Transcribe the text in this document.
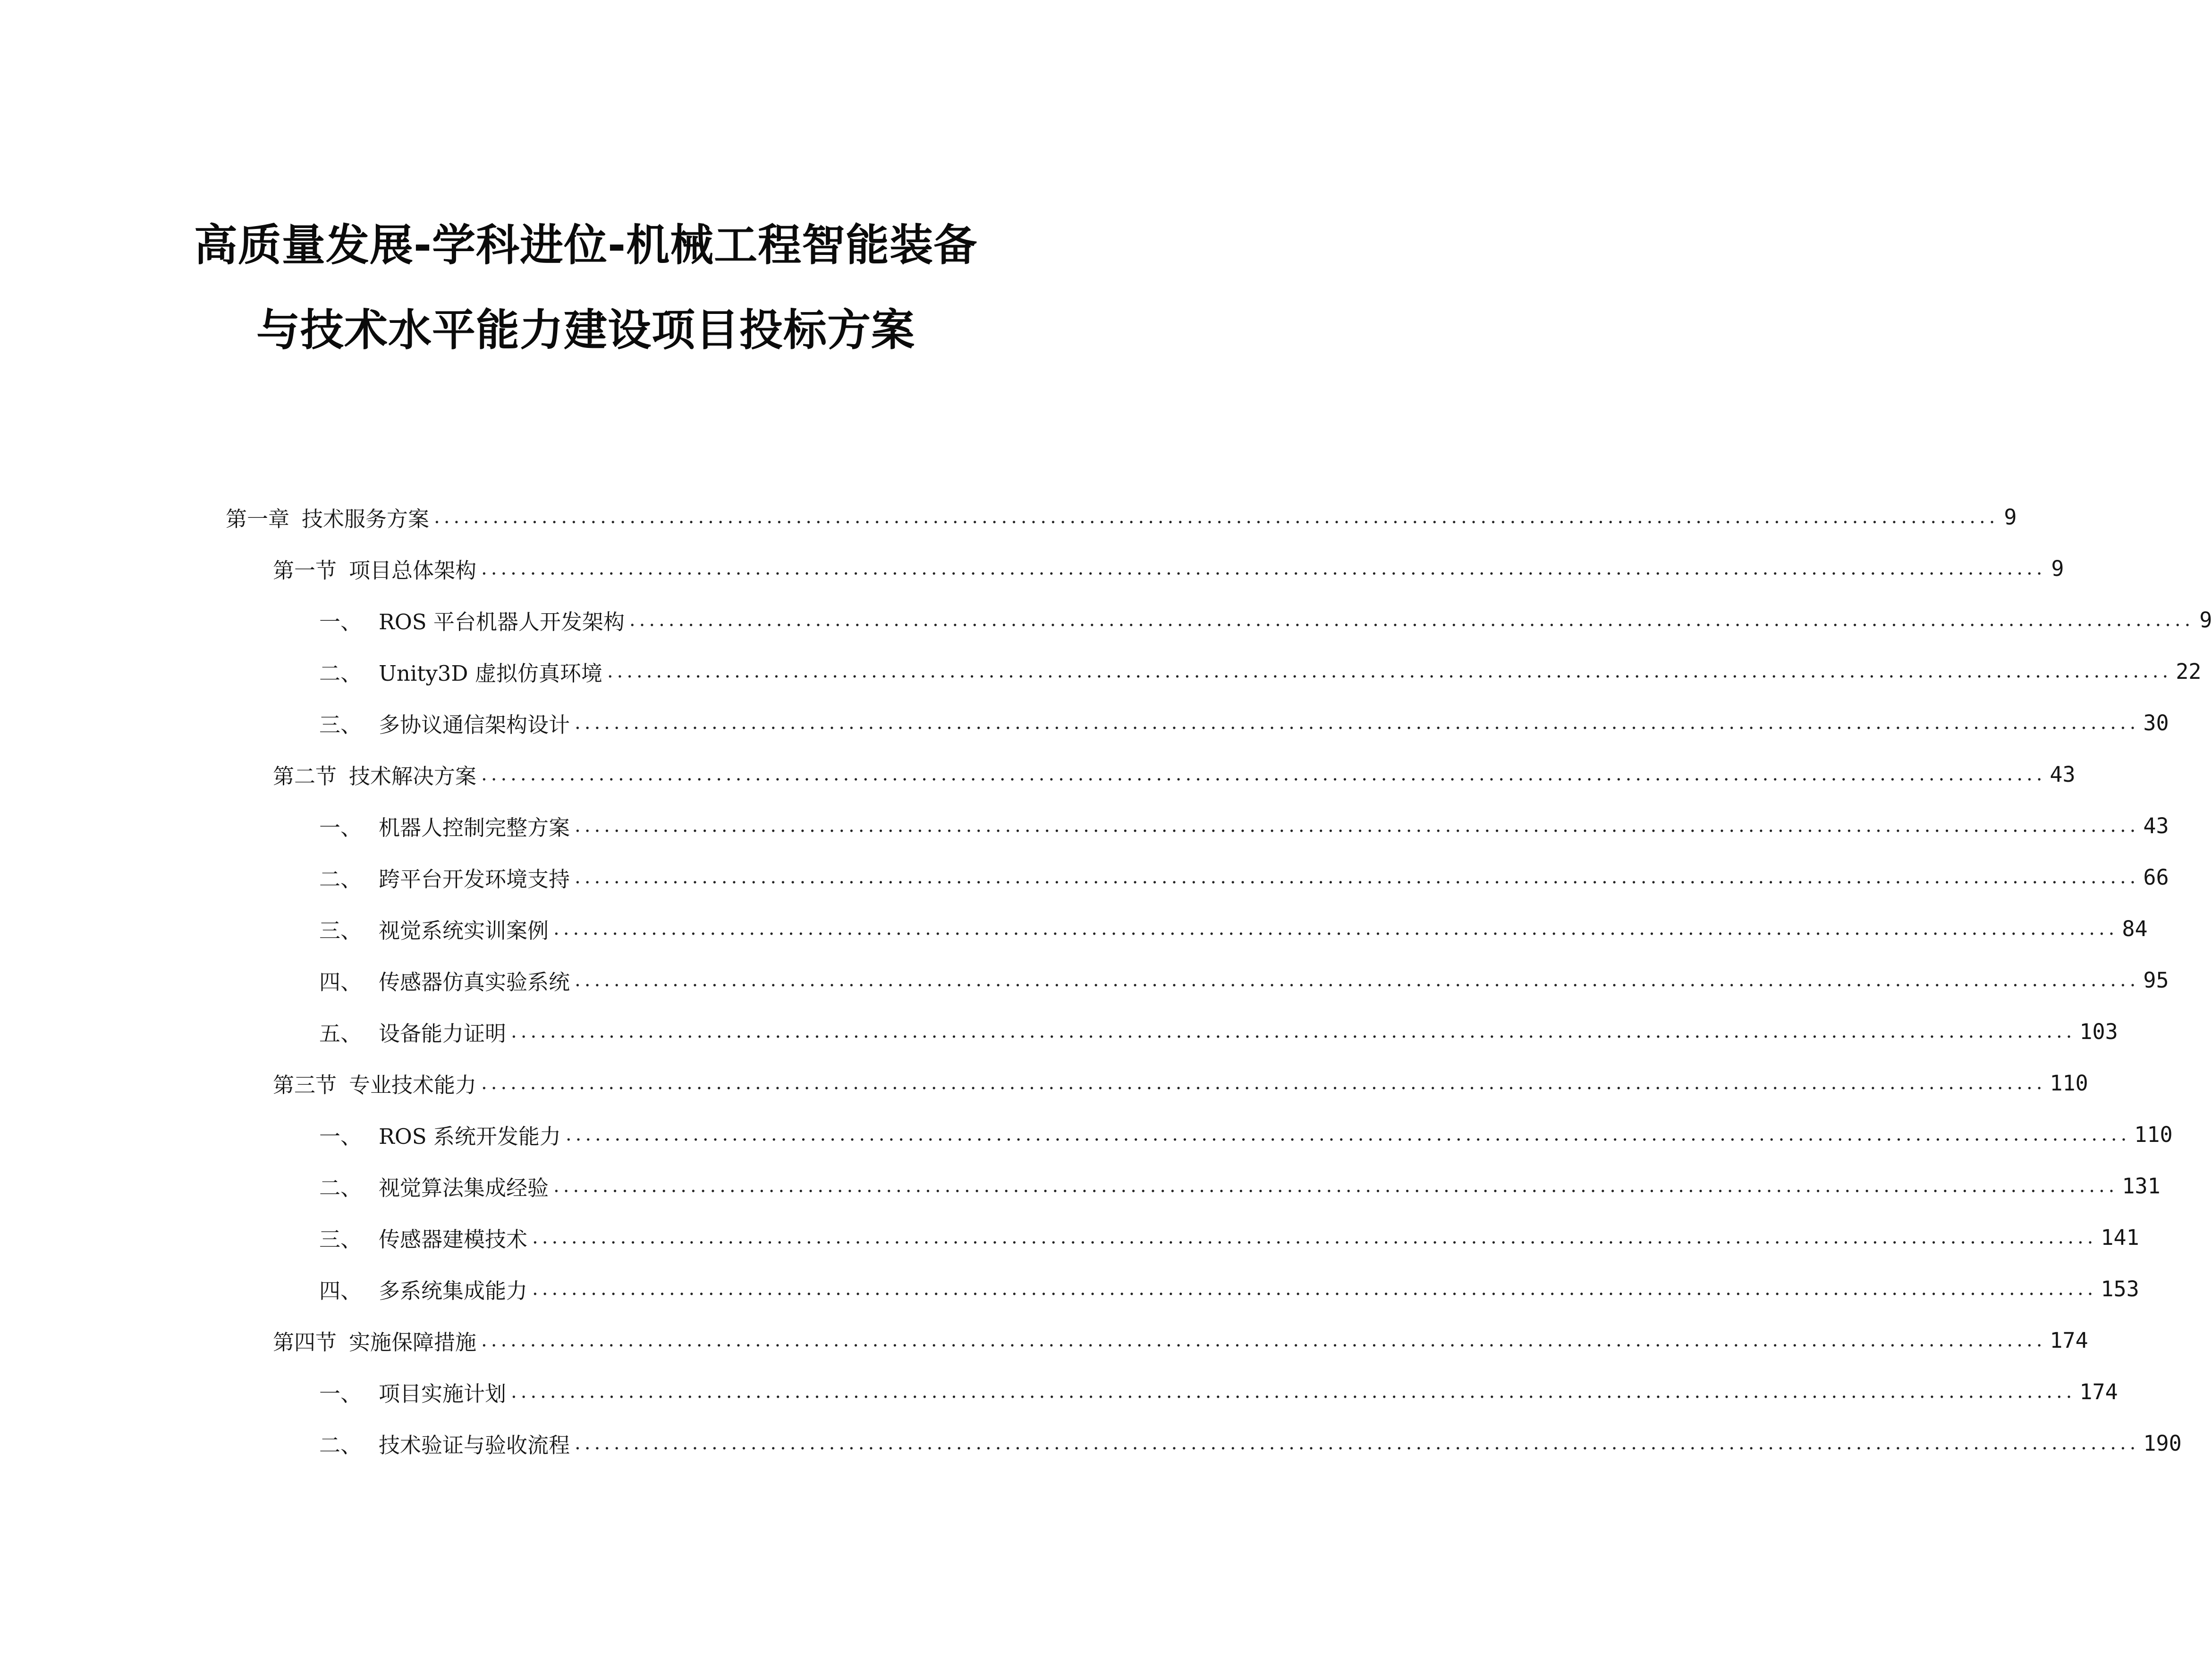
高质量发展-学科进位-机械工程智能装备
与技术水平能力建设项目投标方案
第一章 技术服务方案 ................................................................................................................................................................ 9
第一节 项目总体架构 ................................................................................................................................................................ 9
一、 ROS 平台机器人开发架构 ................................................................................................................................................................ 9
二、 Unity3D 虚拟仿真环境 ................................................................................................................................................................ 22
三、 多协议通信架构设计 ................................................................................................................................................................ 30
第二节 技术解决方案 ................................................................................................................................................................ 43
一、 机器人控制完整方案 ................................................................................................................................................................ 43
二、 跨平台开发环境支持 ................................................................................................................................................................ 66
三、 视觉系统实训案例 ................................................................................................................................................................ 84
四、 传感器仿真实验系统 ................................................................................................................................................................ 95
五、 设备能力证明 ................................................................................................................................................................ 103
第三节 专业技术能力 ................................................................................................................................................................ 110
一、 ROS 系统开发能力 ................................................................................................................................................................ 110
二、 视觉算法集成经验 ................................................................................................................................................................ 131
三、 传感器建模技术 ................................................................................................................................................................ 141
四、 多系统集成能力 ................................................................................................................................................................ 153
第四节 实施保障措施 ................................................................................................................................................................ 174
一、 项目实施计划 ................................................................................................................................................................ 174
二、 技术验证与验收流程 ................................................................................................................................................................ 190
